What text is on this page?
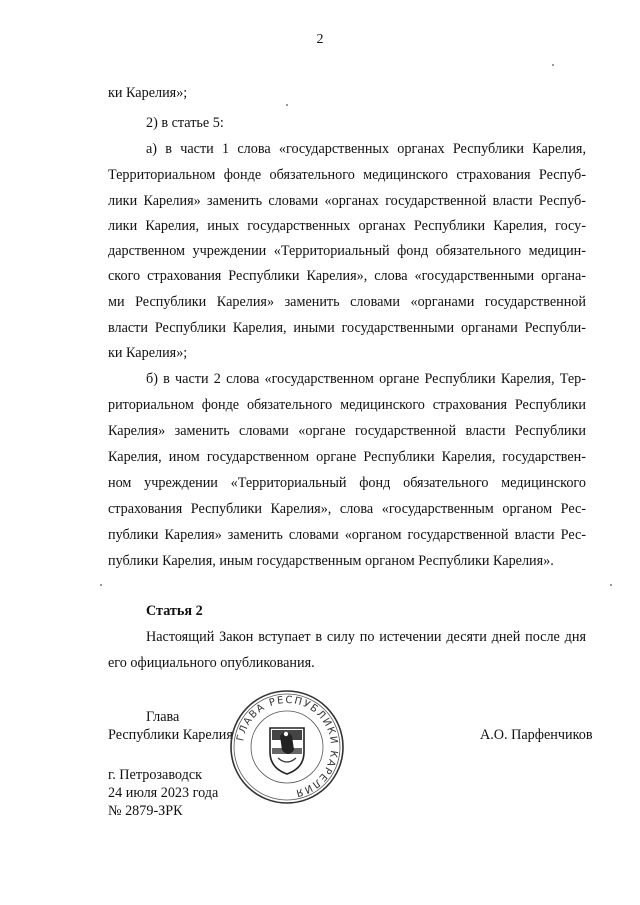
2
ки Карелия»;
2) в статье 5:
а) в части 1 слова «государственных органах Республики Карелия,
Территориальном фонде обязательного медицинского страхования Респуб-
лики Карелия» заменить словами «органах государственной власти Респуб-
лики Карелия, иных государственных органах Республики Карелия, госу-
дарственном учреждении «Территориальный фонд обязательного медицин-
ского страхования Республики Карелия», слова «государственными органа-
ми Республики Карелия» заменить словами «органами государственной
власти Республики Карелия, иными государственными органами Республи-
ки Карелия»;
б) в части 2 слова «государственном органе Республики Карелия, Тер-
риториальном фонде обязательного медицинского страхования Республики
Карелия» заменить словами «органе государственной власти Республики
Карелия, ином государственном органе Республики Карелия, государствен-
ном учреждении «Территориальный фонд обязательного медицинского
страхования Республики Карелия», слова «государственным органом Рес-
публики Карелия» заменить словами «органом государственной власти Рес-
публики Карелия, иным государственным органом Республики Карелия».
Статья 2
Настоящий Закон вступает в силу по истечении десяти дней после дня
его официального опубликования.
Глава
Республики Карелия	А.О. Парфенчиков
г. Петрозаводск
24 июля 2023 года
№ 2879-ЗРК
ГЛАВА РЕСПУБЛИКИ КАРЕЛИЯ
